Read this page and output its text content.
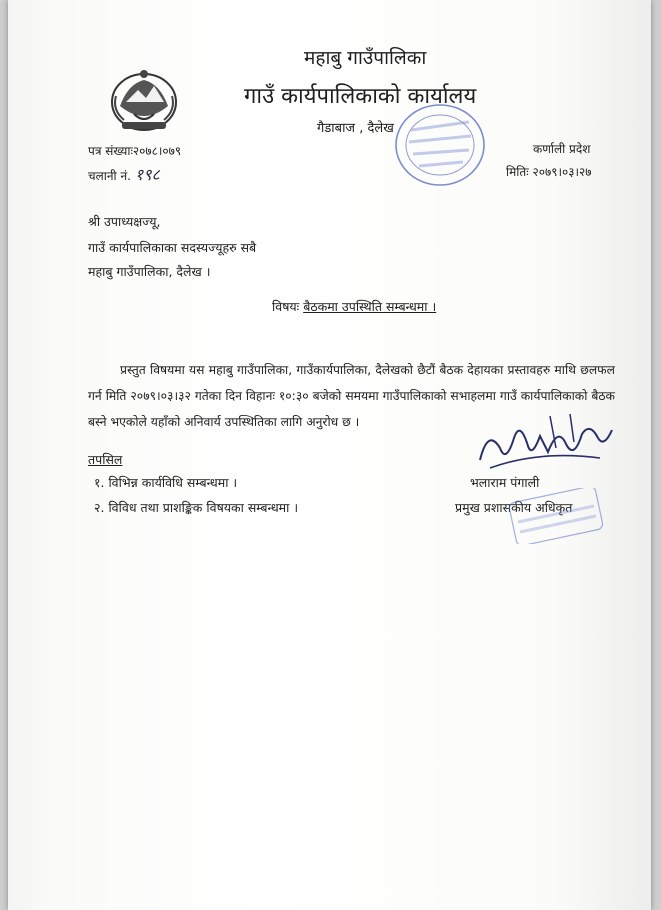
महाबु गाउँपालिका
गाउँ कार्यपालिकाको कार्यालय
गैडाबाज , दैलेख
कर्णाली प्रदेश
पत्र संख्याः२०७८।०७९
चलानी नं. १९८	मितिः २०७९।०३।२७
श्री उपाध्यक्षज्यू,
गाउँ कार्यपालिकाका सदस्यज्यूहरु सबै
महाबु गाउँपालिका, दैलेख ।
विषयः बैठकमा उपस्थिति सम्बन्धमा ।
प्रस्तुत विषयमा यस महाबु गाउँपालिका, गाउँकार्यपालिका, दैलेखको छैटौं बैठक देहायका प्रस्तावहरु माथि छलफल गर्न मिति २०७९।०३।३२ गतेका दिन विहानः १०:३० बजेको समयमा गाउँपालिकाको सभाहलमा गाउँ कार्यपालिकाको बैठक बस्ने भएकोले यहाँको अनिवार्य उपस्थितिका लागि अनुरोध छ ।
तपसिल
१. विभिन्न कार्यविधि सम्बन्धमा ।
२. विविध तथा प्राशङ्किक विषयका सम्बन्धमा ।
भलाराम पंगाली
प्रमुख प्रशासकीय अधिकृत
